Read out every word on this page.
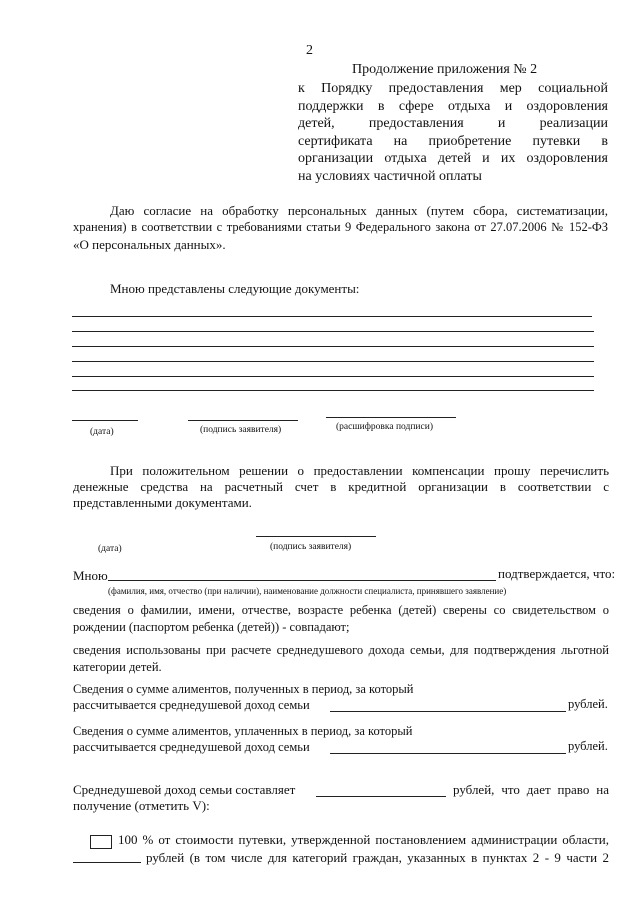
2
Продолжение приложения № 2
к Порядку предоставления мер социальной
поддержки в сфере отдыха и оздоровления
детей, предоставления и реализации
сертификата на приобретение путевки в
организации отдыха детей и их оздоровления
на условиях частичной оплаты
Даю согласие на обработку персональных данных (путем сбора, систематизации,
хранения) в соответствии с требованиями статьи 9 Федерального закона от 27.07.2006 № 152-ФЗ
«О персональных данных».
Мною представлены следующие документы:
(дата)	(подпись заявителя)	(расшифровка подписи)
При положительном решении о предоставлении компенсации прошу перечислить
денежные средства на расчетный счет в кредитной организации в соответствии с
представленными документами.
(дата)	(подпись заявителя)
Мною	подтверждается, что:
(фамилия, имя, отчество (при наличии), наименование должности специалиста, принявшего заявление)
сведения о фамилии, имени, отчестве, возрасте ребенка (детей) сверены со свидетельством о
рождении (паспортом ребенка (детей)) - совпадают;
сведения использованы при расчете среднедушевого дохода семьи, для подтверждения льготной
категории детей.
Сведения о сумме алиментов, полученных в период, за который
рассчитывается среднедушевой доход семьи	рублей.
Сведения о сумме алиментов, уплаченных в период, за который
рассчитывается среднедушевой доход семьи	рублей.
Среднедушевой доход семьи составляет	рублей, что дает право на
получение (отметить V):
100 % от стоимости путевки, утвержденной постановлением администрации области,
рублей (в том числе для категорий граждан, указанных в пунктах 2 - 9 части 2
